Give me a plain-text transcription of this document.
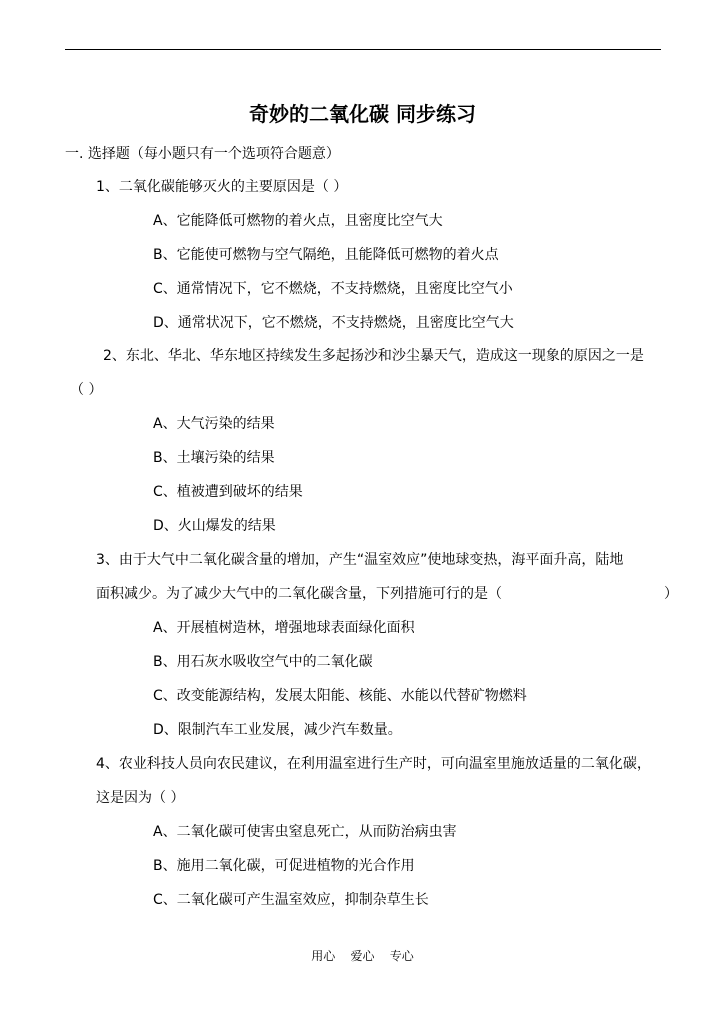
奇妙的二氧化碳 同步练习
一. 选择题（每小题只有一个选项符合题意）
1、二氧化碳能够灭火的主要原因是（ ）
A、它能降低可燃物的着火点，且密度比空气大
B、它能使可燃物与空气隔绝，且能降低可燃物的着火点
C、通常情况下，它不燃烧，不支持燃烧，且密度比空气小
D、通常状况下，它不燃烧，不支持燃烧，且密度比空气大
2、东北、华北、华东地区持续发生多起扬沙和沙尘暴天气，造成这一现象的原因之一是
（ ）
A、大气污染的结果
B、土壤污染的结果
C、植被遭到破坏的结果
D、火山爆发的结果
3、由于大气中二氧化碳含量的增加，产生“温室效应”使地球变热，海平面升高，陆地
面积减少。为了减少大气中的二氧化碳含量，下列措施可行的是（	）
A、开展植树造林，增强地球表面绿化面积
B、用石灰水吸收空气中的二氧化碳
C、改变能源结构，发展太阳能、核能、水能以代替矿物燃料
D、限制汽车工业发展，减少汽车数量。
4、农业科技人员向农民建议，在利用温室进行生产时，可向温室里施放适量的二氧化碳，
这是因为（ ）
A、二氧化碳可使害虫窒息死亡，从而防治病虫害
B、施用二氧化碳，可促进植物的光合作用
C、二氧化碳可产生温室效应，抑制杂草生长
用心    爱心    专心
